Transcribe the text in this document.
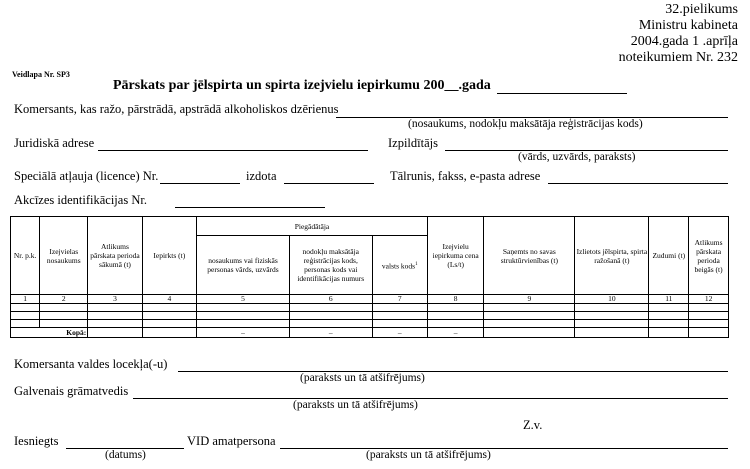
32.pielikums
Ministru kabineta
2004.gada 1 .aprīļa
noteikumiem Nr. 232
Veidlapa Nr. SP3
Pārskats par jēlspirta un spirta izejvielu iepirkumu 200__.gada
Komersants, kas ražo, pārstrādā, apstrādā alkoholiskos dzērienus
(nosaukums, nodokļu maksātāja reģistrācijas kods)
Juridiskā adrese	Izpildītājs
(vārds, uzvārds, paraksts)
Speciālā atļauja (licence) Nr.	izdota	Tālrunis, fakss, e-pasta adrese
Akcīzes identifikācijas Nr.
Nr. p.k.	Izejvielas nosaukums	Atlikums pārskata perioda sākumā (t)	Iepirkts (t)	Piegādātāja			Izejvielu iepirkuma cena (Ls/t)	Saņemts no savas struktūrvienības (t)	Izlietots jēlspirta, spirta ražošanā (t)	Zudumi (t)	Atlikums pārskata perioda beigās (t)
				nosaukums vai fiziskās personas vārds, uzvārds	nodokļu maksātāja reģistrācijas kods, personas kods vai identifikācijas numurs	valsts kods$^1$
1	2	3	4	5	6	7	8	9	10	11	12

Kopā:				–	–	–	–				
Komersanta valdes locekļa(-u)
(paraksts un tā atšifrējums)
Galvenais grāmatvedis
(paraksts un tā atšifrējums)
Z.v.
Iesniegts
(datums)
VID amatpersona
(paraksts un tā atšifrējums)
